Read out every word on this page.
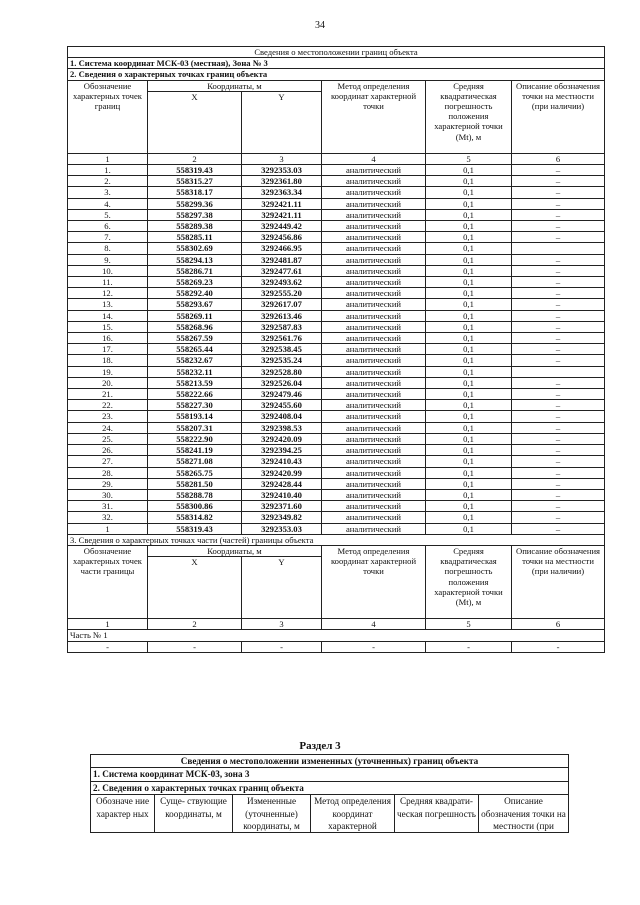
34
Сведения о местоположении границ объекта					
1. Система координат МСК-03 (местная), Зона № 3					
2. Сведения о характерных точках границ объекта					
Обозначение характерных точек границ	Координаты, м		Метод определения координат характерной точки	Средняя квадратическая погрешность положения характерной точки (Mt), м	Описание обозначения точки на местности (при наличии)
	X	Y			
1	2	3	4	5	6
1.	558319.43	3292353.03	аналитический	0,1	–
2.	558315.27	3292361.80	аналитический	0,1	–
3.	558318.17	3292363.34	аналитический	0,1	–
4.	558299.36	3292421.11	аналитический	0,1	–
5.	558297.38	3292421.11	аналитический	0,1	–
6.	558289.38	3292449.42	аналитический	0,1	–
7.	558285.11	3292456.86	аналитический	0,1	–
8.	558302.69	3292466.95	аналитический	0,1	
9.	558294.13	3292481.87	аналитический	0,1	–
10.	558286.71	3292477.61	аналитический	0,1	–
11.	558269.23	3292493.62	аналитический	0,1	–
12.	558292.40	3292555.20	аналитический	0,1	–
13.	558293.67	3292617.07	аналитический	0,1	–
14.	558269.11	3292613.46	аналитический	0,1	–
15.	558268.96	3292587.83	аналитический	0,1	–
16.	558267.59	3292561.76	аналитический	0,1	–
17.	558265.44	3292538.45	аналитический	0,1	–
18.	558232.67	3292535.24	аналитический	0,1	–
19.	558232.11	3292528.80	аналитический	0,1	
20.	558213.59	3292526.04	аналитический	0,1	–
21.	558222.66	3292479.46	аналитический	0,1	–
22.	558227.30	3292455.60	аналитический	0,1	–
23.	558193.14	3292408.04	аналитический	0,1	–
24.	558207.31	3292398.53	аналитический	0,1	–
25.	558222.90	3292420.09	аналитический	0,1	–
26.	558241.19	3292394.25	аналитический	0,1	–
27.	558271.08	3292410.43	аналитический	0,1	–
28.	558265.75	3292420.99	аналитический	0,1	–
29.	558281.50	3292428.44	аналитический	0,1	–
30.	558288.78	3292410.40	аналитический	0,1	–
31.	558300.86	3292371.60	аналитический	0,1	–
32.	558314.82	3292349.82	аналитический	0,1	–
1	558319.43	3292353.03	аналитический	0,1	–
3. Сведения о характерных точках части (частей) границы объекта					
Обозначение характерных точек части границы	Координаты, м		Метод определения координат характерной точки	Средняя квадратическая погрешность положения характерной точки (Mt), м	Описание обозначения точки на местности (при наличии)
	X	Y			
1	2	3	4	5	6
Часть № 1					
-	-	-	-	-	-
Раздел 3
Сведения о местоположении измененных (уточненных) границ объекта
1. Система координат МСК-03, зона 3
2. Сведения о характерных точках границ объекта
Обозначе ние характер ных	Суще- ствующие координаты, м	Измененные (уточненные) координаты, м	Метод определения координат характерной	Средняя квадрати- ческая погрешность	Описание обозначения точки на местности (при
